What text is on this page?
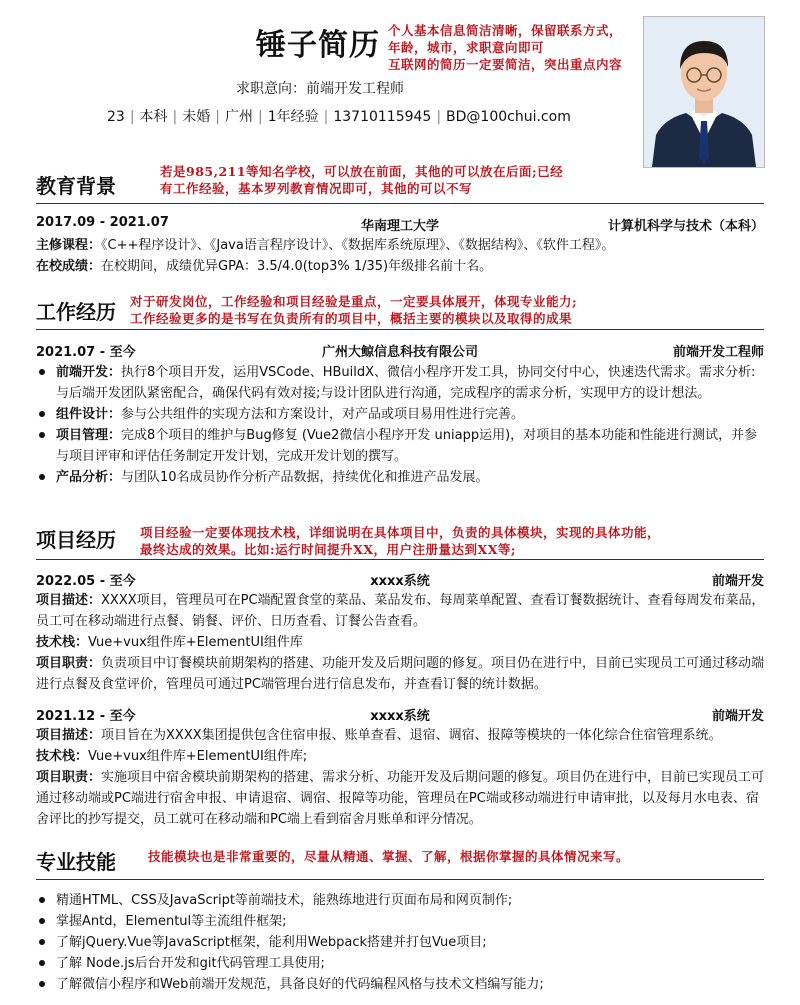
锤子简历 个人基本信息简洁清晰，保留联系方式，
年龄，城市，求职意向即可
互联网的简历一定要简洁，突出重点内容
求职意向：前端开发工程师
23 | 本科 | 未婚 | 广州 | 1年经验 | 13710115945 | BD@100chui.com
教育背景
若是985,211等知名学校，可以放在前面，其他的可以放在后面;已经
有工作经验，基本罗列教育情况即可，其他的可以不写
2017.09 - 2021.07	华南理工大学	计算机科学与技术（本科）
主修课程：《C++程序设计》、《Java语言程序设计》、《数据库系统原理》、《数据结构》、《软件工程》。
在校成绩：在校期间，成绩优异GPA：3.5/4.0(top3% 1/35)年级排名前十名。
工作经历 对于研发岗位，工作经验和项目经验是重点，一定要具体展开，体现专业能力;
工作经验更多的是书写在负责所有的项目中，概括主要的模块以及取得的成果
2021.07 - 至今	广州大鲸信息科技有限公司	前端开发工程师
前端开发：执行8个项目开发，运用VSCode、HBuildX、微信小程序开发工具，协同交付中心，快速迭代需求。需求分析:与后端开发团队紧密配合，确保代码有效对接;与设计团队进行沟通，完成程序的需求分析，实现甲方的设计想法。
组件设计：参与公共组件的实现方法和方案设计，对产品或项目易用性进行完善。
项目管理：完成8个项目的维护与Bug修复 (Vue2微信小程序开发 uniapp运用)，对项目的基本功能和性能进行测试，并参与项目评审和评估任务制定开发计划，完成开发计划的撰写。
产品分析：与团队10名成员协作分析产品数据，持续优化和推进产品发展。
项目经历 项目经验一定要体现技术栈，详细说明在具体项目中，负责的具体模块，实现的具体功能，
最终达成的效果。比如:运行时间提升XX，用户注册量达到XX等;
2022.05 - 至今	xxxx系统	前端开发
项目描述：XXXX项目，管理员可在PC端配置食堂的菜品、菜品发布、每周菜单配置、查看订餐数据统计、查看每周发布菜品，员工可在移动端进行点餐、销餐、评价、日历查看、订餐公告查看。
技术栈：Vue+vux组件库+ElementUI组件库
项目职责：负责项目中订餐模块前期架构的搭建、功能开发及后期问题的修复。项目仍在进行中，目前已实现员工可通过移动端进行点餐及食堂评价，管理员可通过PC端管理台进行信息发布，并查看订餐的统计数据。
2021.12 - 至今	xxxx系统	前端开发
项目描述：项目旨在为XXXX集团提供包含住宿申报、账单查看、退宿、调宿、报障等模块的一体化综合住宿管理系统。
技术栈：Vue+vux组件库+ElementUI组件库;
项目职责：实施项目中宿舍模块前期架构的搭建、需求分析、功能开发及后期问题的修复。项目仍在进行中，目前已实现员工可通过移动端或PC端进行宿舍申报、申请退宿、调宿、报障等功能，管理员在PC端或移动端进行申请审批，以及每月水电表、宿舍评比的抄写提交，员工就可在移动端和PC端上看到宿舍月账单和评分情况。
专业技能	技能模块也是非常重要的，尽量从精通、掌握、了解，根据你掌握的具体情况来写。
精通HTML、CSS及JavaScript等前端技术，能熟练地进行页面布局和网页制作;
掌握Antd，Elementul等主流组件框架;
了解jQuery.Vue等JavaScript框架，能利用Webpack搭建并打包Vue项目;
了解 Node.js后台开发和git代码管理工具使用;
了解微信小程序和Web前端开发规范，具备良好的代码编程风格与技术文档编写能力;
